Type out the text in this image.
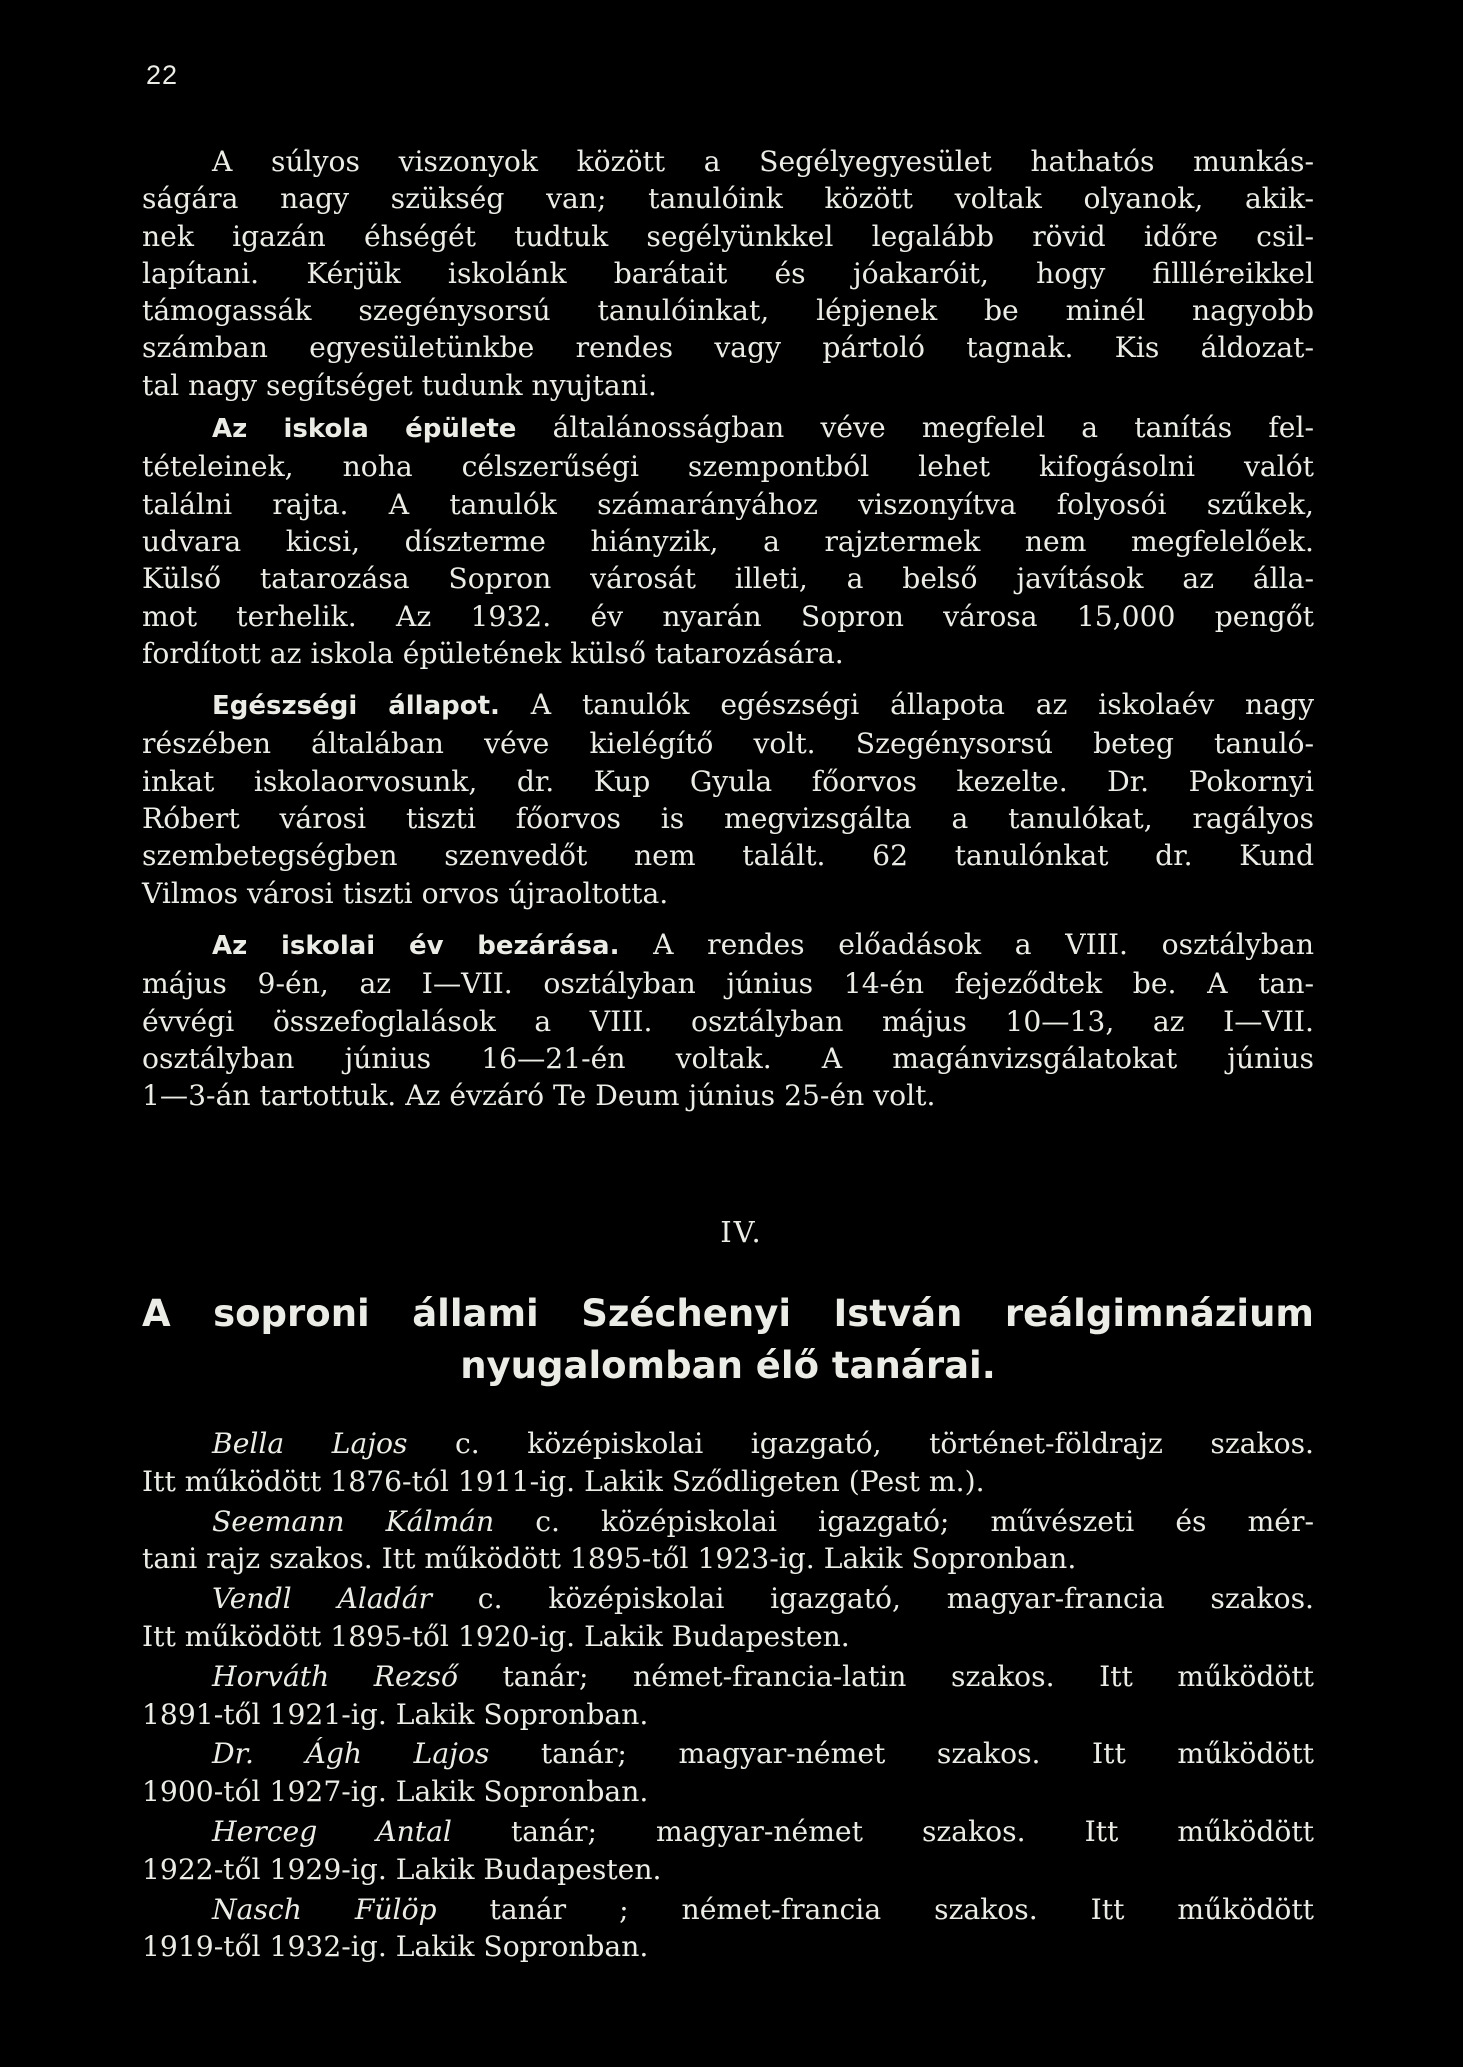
22
A súlyos viszonyok között a Segélyegyesület hathatós munkás-
ságára nagy szükség van; tanulóink között voltak olyanok, akik-
nek igazán éhségét tudtuk segélyünkkel legalább rövid időre csil-
lapítani. Kérjük iskolánk barátait és jóakaróit, hogy fillléreikkel
támogassák szegénysorsú tanulóinkat, lépjenek be minél nagyobb
számban egyesületünkbe rendes vagy pártoló tagnak. Kis áldozat-
tal nagy segítséget tudunk nyujtani.
Az iskola épülete általánosságban véve megfelel a tanítás fel-
tételeinek, noha célszerűségi szempontból lehet kifogásolni valót
találni rajta. A tanulók számarányához viszonyítva folyosói szűkek,
udvara kicsi, díszterme hiányzik, a rajztermek nem megfelelőek.
Külső tatarozása Sopron városát illeti, a belső javítások az álla-
mot terhelik. Az 1932. év nyarán Sopron városa 15,000 pengőt
fordított az iskola épületének külső tatarozására.
Egészségi állapot. A tanulók egészségi állapota az iskolaév nagy
részében általában véve kielégítő volt. Szegénysorsú beteg tanuló-
inkat iskolaorvosunk, dr. Kup Gyula főorvos kezelte. Dr. Pokornyi
Róbert városi tiszti főorvos is megvizsgálta a tanulókat, ragályos
szembetegségben szenvedőt nem talált. 62 tanulónkat dr. Kund
Vilmos városi tiszti orvos újraoltotta.
Az iskolai év bezárása. A rendes előadások a VIII. osztályban
május 9-én, az I—VII. osztályban június 14-én fejeződtek be. A tan-
évvégi összefoglalások a VIII. osztályban május 10—13, az I—VII.
osztályban június 16—21-én voltak. A magánvizsgálatokat június
1—3-án tartottuk. Az évzáró Te Deum június 25-én volt.
IV.
A soproni állami Széchenyi István reálgimnázium
nyugalomban élő tanárai.
Bella Lajos c. középiskolai igazgató, történet-földrajz szakos.
Itt működött 1876-tól 1911-ig. Lakik Sződligeten (Pest m.).
Seemann Kálmán c. középiskolai igazgató; művészeti és mér-
tani rajz szakos. Itt működött 1895-től 1923-ig. Lakik Sopronban.
Vendl Aladár c. középiskolai igazgató, magyar-francia szakos.
Itt működött 1895-től 1920-ig. Lakik Budapesten.
Horváth Rezső tanár; német-francia-latin szakos. Itt működött
1891-től 1921-ig. Lakik Sopronban.
Dr. Ágh Lajos tanár; magyar-német szakos. Itt működött
1900-tól 1927-ig. Lakik Sopronban.
Herceg Antal tanár; magyar-német szakos. Itt működött
1922-től 1929-ig. Lakik Budapesten.
Nasch Fülöp tanár ; német-francia szakos. Itt működött
1919-től 1932-ig. Lakik Sopronban.
